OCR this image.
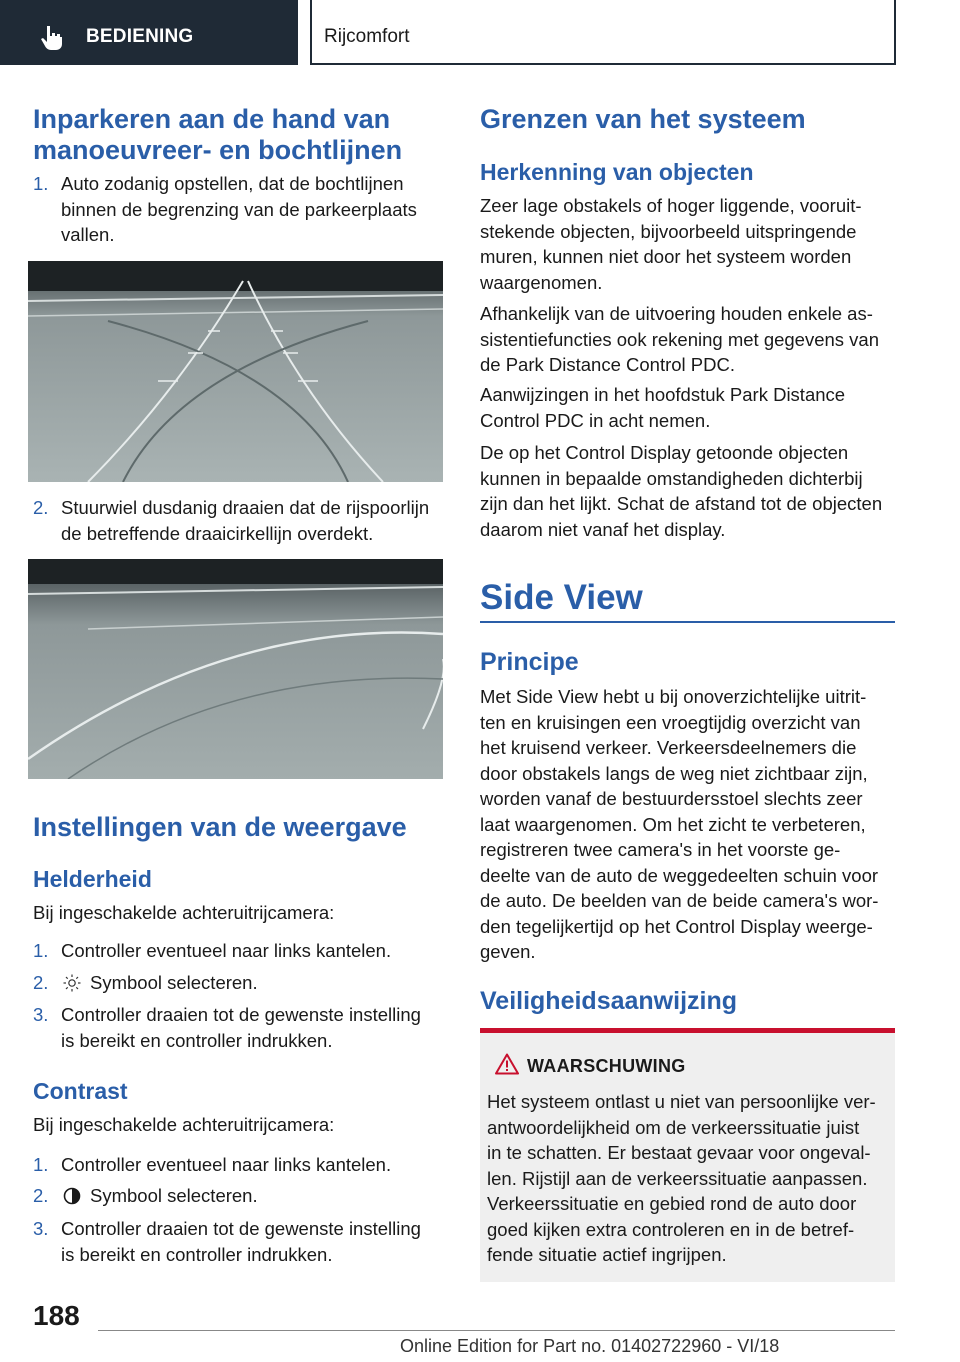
BEDIENING	Rijcomfort
Inparkeren aan de hand van
manoeuvreer- en bochtlijnen
1. Auto zodanig opstellen, dat de bochtlijnen
binnen de begrenzing van de parkeerplaats
vallen.
2. Stuurwiel dusdanig draaien dat de rijspoorlijn
de betreffende draaicirkellijn overdekt.
Instellingen van de weergave
Helderheid
Bij ingeschakelde achteruitrijcamera:
1. Controller eventueel naar links kantelen.
2. Symbool selecteren.
3. Controller draaien tot de gewenste instelling
is bereikt en controller indrukken.
Contrast
Bij ingeschakelde achteruitrijcamera:
1. Controller eventueel naar links kantelen.
2. Symbool selecteren.
3. Controller draaien tot de gewenste instelling
is bereikt en controller indrukken.
Grenzen van het systeem
Herkenning van objecten
Zeer lage obstakels of hoger liggende, vooruit-
stekende objecten, bijvoorbeeld uitspringende
muren, kunnen niet door het systeem worden
waargenomen.
Afhankelijk van de uitvoering houden enkele as-
sistentiefuncties ook rekening met gegevens van
de Park Distance Control PDC.
Aanwijzingen in het hoofdstuk Park Distance
Control PDC in acht nemen.
De op het Control Display getoonde objecten
kunnen in bepaalde omstandigheden dichterbij
zijn dan het lijkt. Schat de afstand tot de objecten
daarom niet vanaf het display.
Side View
Principe
Met Side View hebt u bij onoverzichtelijke uitrit-
ten en kruisingen een vroegtijdig overzicht van
het kruisend verkeer. Verkeersdeelnemers die
door obstakels langs de weg niet zichtbaar zijn,
worden vanaf de bestuurdersstoel slechts zeer
laat waargenomen. Om het zicht te verbeteren,
registreren twee camera's in het voorste ge-
deelte van de auto de weggedeelten schuin voor
de auto. De beelden van de beide camera's wor-
den tegelijkertijd op het Control Display weerge-
geven.
Veiligheidsaanwijzing
WAARSCHUWING
Het systeem ontlast u niet van persoonlijke ver-
antwoordelijkheid om de verkeerssituatie juist
in te schatten. Er bestaat gevaar voor ongeval-
len. Rijstijl aan de verkeerssituatie aanpassen.
Verkeerssituatie en gebied rond de auto door
goed kijken extra controleren en in de betref-
fende situatie actief ingrijpen.
188
Online Edition for Part no. 01402722960 - VI/18
